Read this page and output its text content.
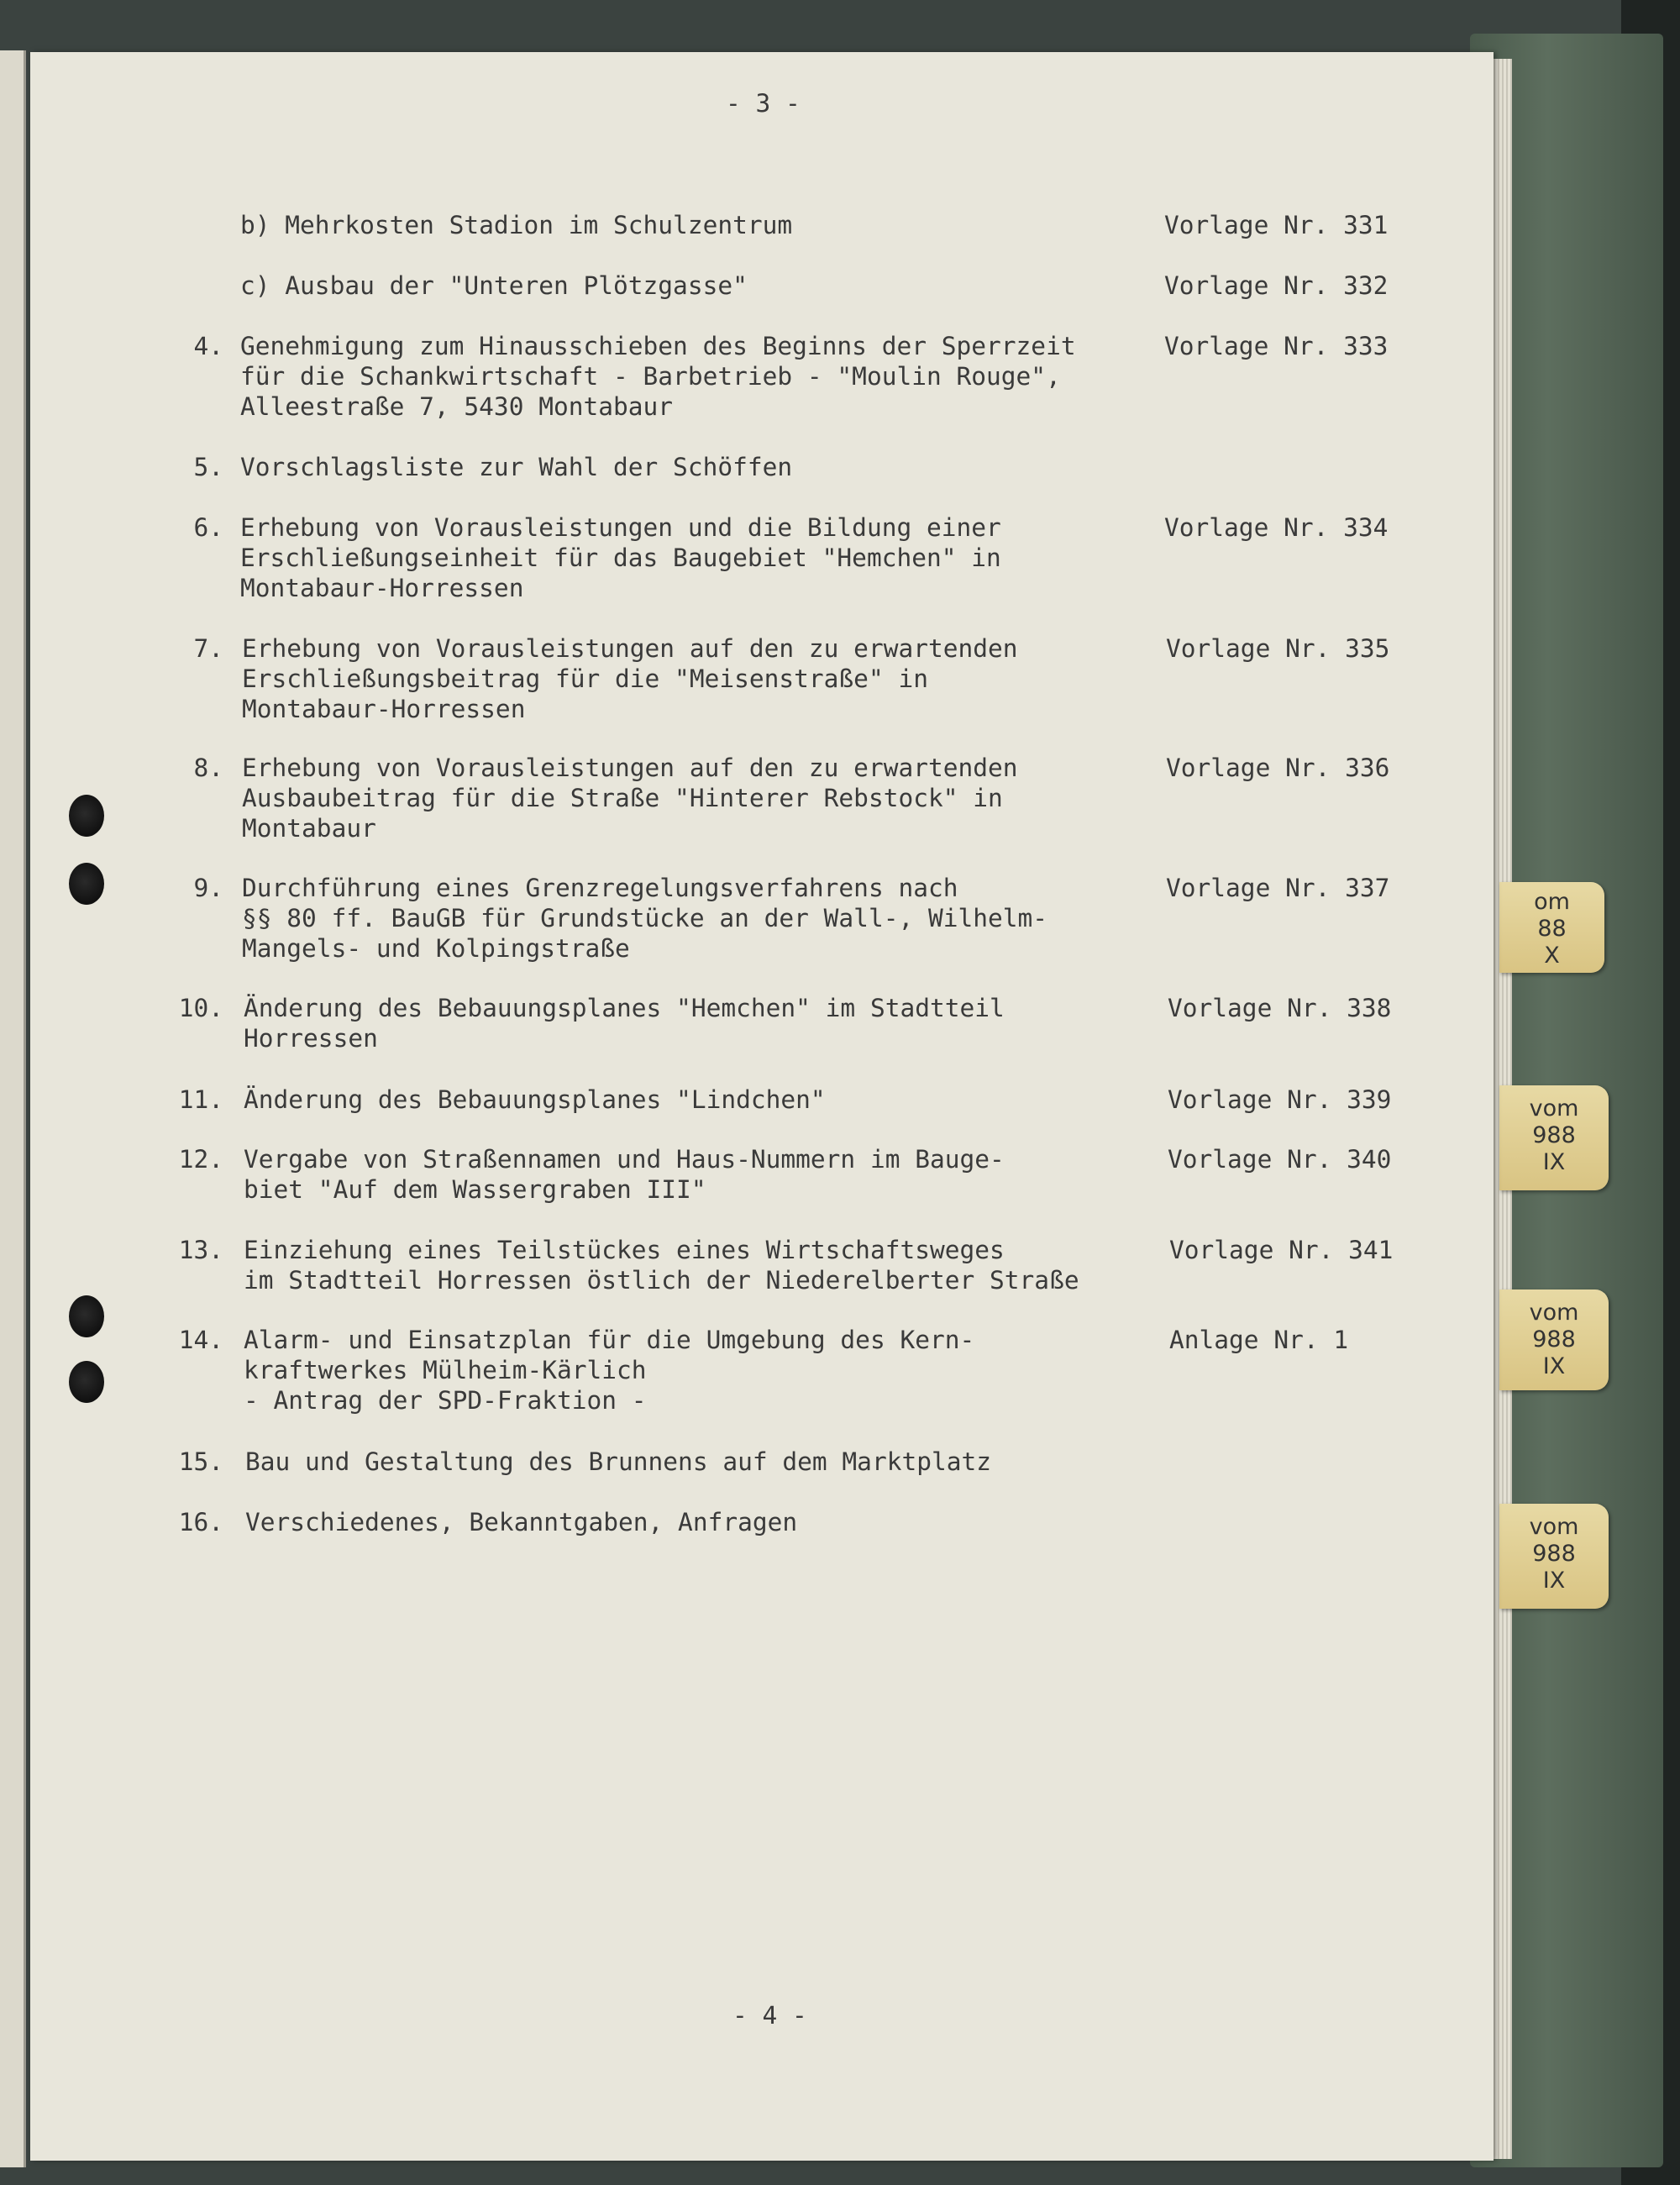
om
88
X
vom
988
IX
vom
988
IX
vom
988
IX
- 3 -
b) Mehrkosten Stadion im Schulzentrum	Vorlage Nr. 331
c) Ausbau der "Unteren Plötzgasse"	Vorlage Nr. 332
4. Genehmigung zum Hinausschieben des Beginns der Sperrzeit
für die Schankwirtschaft - Barbetrieb - "Moulin Rouge",
Alleestraße 7, 5430 Montabaur
Vorlage Nr. 333
5. Vorschlagsliste zur Wahl der Schöffen
6. Erhebung von Vorausleistungen und die Bildung einer
Erschließungseinheit für das Baugebiet "Hemchen" in
Montabaur-Horressen
Vorlage Nr. 334
7. Erhebung von Vorausleistungen auf den zu erwartenden
Erschließungsbeitrag für die "Meisenstraße" in
Montabaur-Horressen
Vorlage Nr. 335
8. Erhebung von Vorausleistungen auf den zu erwartenden
Ausbaubeitrag für die Straße "Hinterer Rebstock" in
Montabaur
Vorlage Nr. 336
9. Durchführung eines Grenzregelungsverfahrens nach
§§ 80 ff. BauGB für Grundstücke an der Wall-, Wilhelm-
Mangels- und Kolpingstraße
Vorlage Nr. 337
10. Änderung des Bebauungsplanes "Hemchen" im Stadtteil
Horressen
Vorlage Nr. 338
11. Änderung des Bebauungsplanes "Lindchen"	Vorlage Nr. 339
12. Vergabe von Straßennamen und Haus-Nummern im Bauge-
biet "Auf dem Wassergraben III"
Vorlage Nr. 340
13. Einziehung eines Teilstückes eines Wirtschaftsweges
im Stadtteil Horressen östlich der Niederelberter Straße
Vorlage Nr. 341
14. Alarm- und Einsatzplan für die Umgebung des Kern-
kraftwerkes Mülheim-Kärlich
- Antrag der SPD-Fraktion -
Anlage Nr. 1
15. Bau und Gestaltung des Brunnens auf dem Marktplatz
16. Verschiedenes, Bekanntgaben, Anfragen
- 4 -
